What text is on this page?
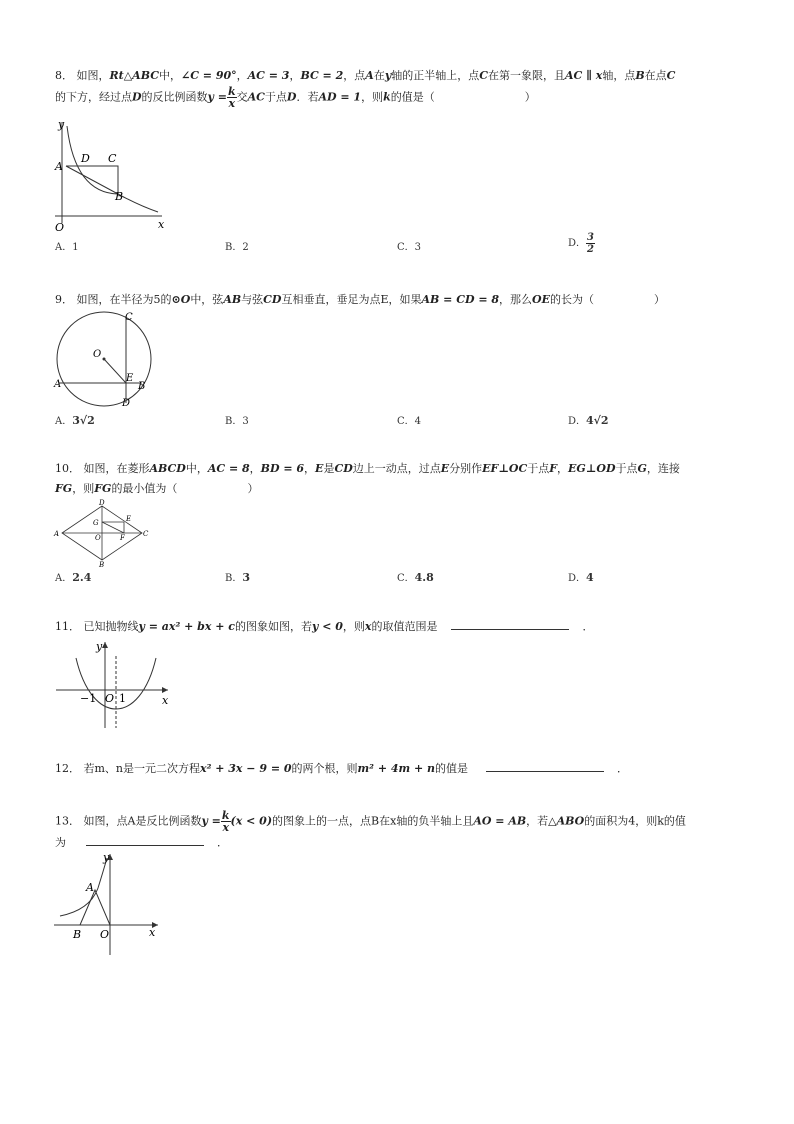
8． 如图，Rt△ABC中，∠C = 90°，AC = 3，BC = 2，点A在y轴的正半轴上，点C在第一象限，且AC ∥ x轴，点B在点C
的下方，经过点D的反比例函数$y = \frac{k}{x}$ 交AC于点D．若AD = 1，则k的值是（	）
y
x
O
A
D C
B
A．1	B．2	C．3	D． $\frac{3}{2}$
9． 如图，在半径为5的⊙O中，弦AB与弦CD互相垂直，垂足为点E，如果AB = CD = 8，那么OE的长为（	）
C
O
E
A	B
D
A．3√2	B．3	C．4	D．4√2
10． 如图，在菱形ABCD中，AC = 8，BD = 6，E是CD边上一动点，过点E分别作EF⊥OC于点F，EG⊥OD于点G，连接
FG，则FG的最小值为（	）
D
G	E
A	O	F	C
B
A．2.4	B．3	C．4.8	D．4
11． 已知抛物线y = ax² + bx + c的图象如图，若y < 0，则x的取值范围是	．
y
x
−1 O 1
12． 若m、n是一元二次方程x² + 3x − 9 = 0的两个根，则m² + 4m + n的值是	．
13． 如图，点A是反比例函数$y = \frac{k}{x} (x < 0)$的图象上的一点，点B在x轴的负半轴上且AO = AB，若△ABO的面积为4，则k的值
为	．
y
A
B O	x
